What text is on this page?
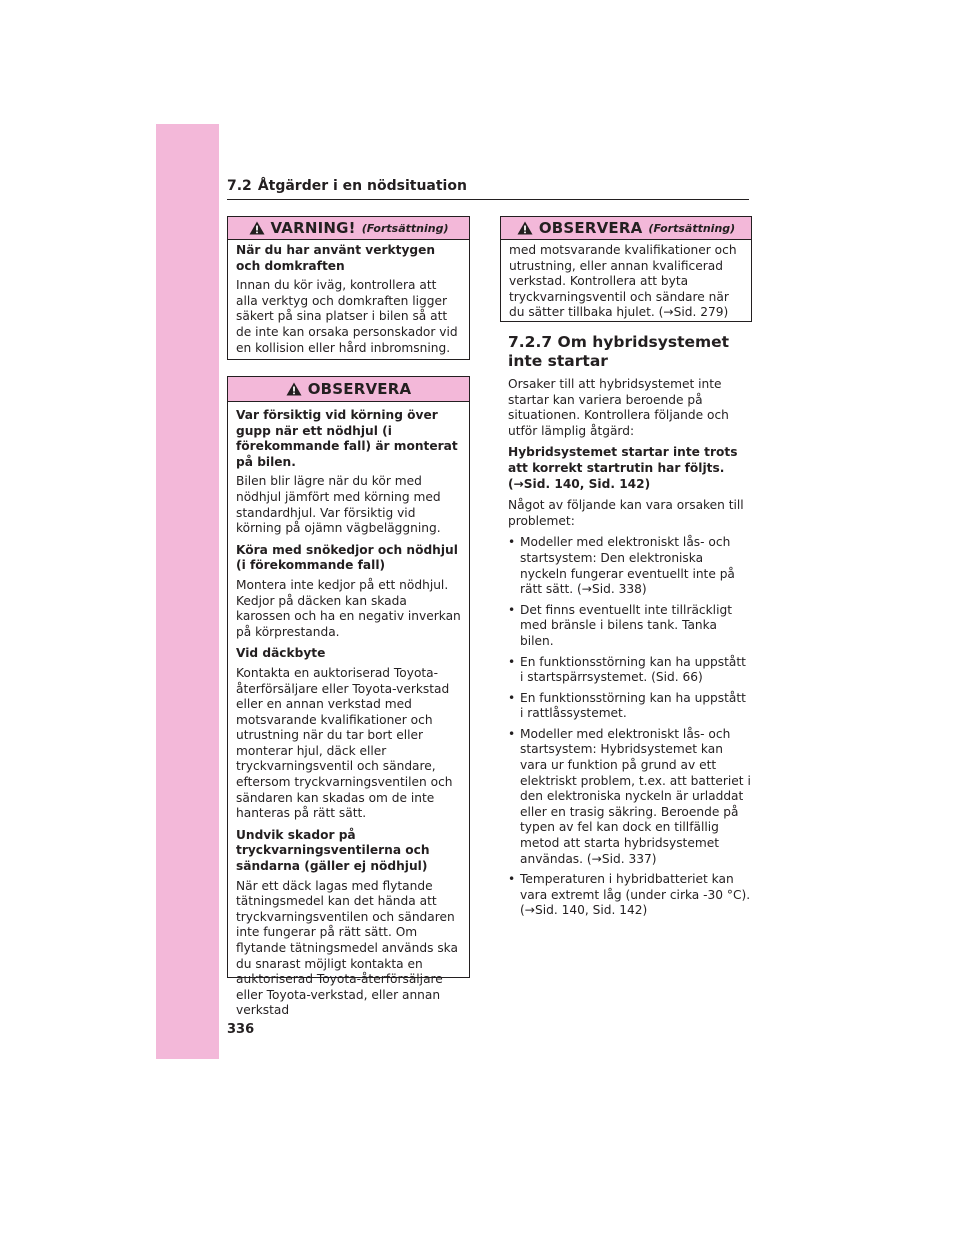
7.2 Åtgärder i en nödsituation
VARNING! (Fortsättning)

När du har använt verktygen och domkraften

Innan du kör iväg, kontrollera att alla verktyg och domkraften ligger säkert på sina platser i bilen så att de inte kan orsaka personskador vid en kollision eller hård inbromsning.

OBSERVERA

Var försiktig vid körning över gupp när ett nödhjul (i förekommande fall) är monterat på bilen.

Bilen blir lägre när du kör med nödhjul jämfört med körning med standardhjul. Var försiktig vid körning på ojämn vägbeläggning.

Köra med snökedjor och nödhjul (i förekommande fall)

Montera inte kedjor på ett nödhjul. Kedjor på däcken kan skada karossen och ha en negativ inverkan på körprestanda.

Vid däckbyte

Kontakta en auktoriserad Toyota-återförsäljare eller Toyota-verkstad eller en annan verkstad med motsvarande kvalifikationer och utrustning när du tar bort eller monterar hjul, däck eller tryckvarningsventil och sändare, eftersom tryckvarningsventilen och sändaren kan skadas om de inte hanteras på rätt sätt.

Undvik skador på tryckvarningsventilerna och sändarna (gäller ej nödhjul)

När ett däck lagas med flytande tätningsmedel kan det hända att tryckvarningsventilen och sändaren inte fungerar på rätt sätt. Om flytande tätningsmedel används ska du snarast möjligt kontakta en auktoriserad Toyota-återförsäljare eller Toyota-verkstad, eller annan verkstad

OBSERVERA (Fortsättning)

med motsvarande kvalifikationer och utrustning, eller annan kvalificerad verkstad. Kontrollera att byta tryckvarningsventil och sändare när du sätter tillbaka hjulet. (→Sid. 279)

7.2.7 Om hybridsystemet inte startar

Orsaker till att hybridsystemet inte startar kan variera beroende på situationen. Kontrollera följande och utför lämplig åtgärd:

Hybridsystemet startar inte trots att korrekt startrutin har följts. (→Sid. 140, Sid. 142)

Något av följande kan vara orsaken till problemet:

• Modeller med elektroniskt lås- och startsystem: Den elektroniska nyckeln fungerar eventuellt inte på rätt sätt. (→Sid. 338)
• Det finns eventuellt inte tillräckligt med bränsle i bilens tank. Tanka bilen.
• En funktionsstörning kan ha uppstått i startspärrsystemet. (Sid. 66)
• En funktionsstörning kan ha uppstått i rattlåssystemet.
• Modeller med elektroniskt lås- och startsystem: Hybridsystemet kan vara ur funktion på grund av ett elektriskt problem, t.ex. att batteriet i den elektroniska nyckeln är urladdat eller en trasig säkring. Beroende på typen av fel kan dock en tillfällig metod att starta hybridsystemet användas. (→Sid. 337)
• Temperaturen i hybridbatteriet kan vara extremt låg (under cirka -30 °C). (→Sid. 140, Sid. 142)
336
